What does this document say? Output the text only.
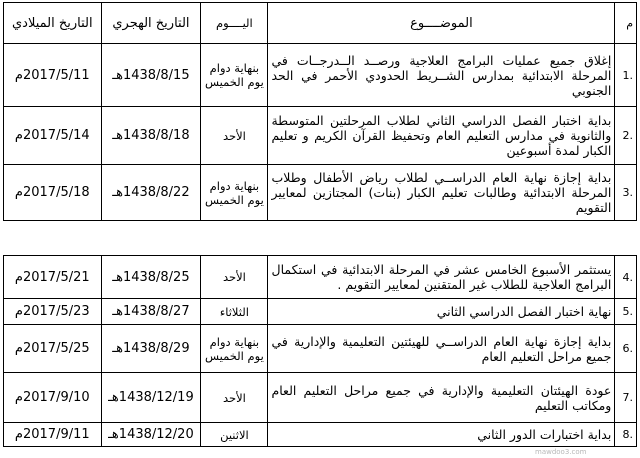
م	الموضــــوع	اليــــوم	التاريخ الهجري	التاريخ الميلادي

.1	إغلاق جميع عمليات البرامج العلاجية ورصــد الــدرجــات في المرحلة الابتدائية بمدارس الشــريط الحدودي الأحمر في الحد الجنوبي	بنهاية دوام يوم الخميس	1438/8/15هـ	2017/5/11م

.2	بداية اختبار الفصل الدراسي الثاني لطلاب المرحلتين المتوسطة والثانوية في مدارس التعليم العام وتحفيظ القرآن الكريم و تعليم الكبار لمدة أسبوعين	الأحد	1438/8/18هـ	2017/5/14م

.3	بداية إجازة نهاية العام الدراســي لطلاب رياض الأطفال وطلاب المرحلة الابتدائية وطالبات تعليم الكبار (بنات) المجتازين لمعايير التقويم	بنهاية دوام يوم الخميس	1438/8/22هـ	2017/5/18م
.4	يستثمر الأسبوع الخامس عشر في المرحلة الابتدائية في استكمال البرامج العلاجية للطلاب غير المتقنين لمعايير التقويم .	الأحد	1438/8/25هـ	2017/5/21م

.5	نهاية اختبار الفصل الدراسي الثاني	الثلاثاء	1438/8/27هـ	2017/5/23م

.6	بداية إجازة نهاية العام الدراســي للهيئتين التعليمية والإدارية في جميع مراحل التعليم العام	بنهاية دوام يوم الخميس	1438/8/29هـ	2017/5/25م

.7	عودة الهيئتان التعليمية والإدارية في جميع مراحل التعليم العام ومكاتب التعليم	الأحد	1438/12/19هـ	2017/9/10م

.8	بداية اختبارات الدور الثاني	الاثنين	1438/12/20هـ	2017/9/11م
mawdoo3.com
